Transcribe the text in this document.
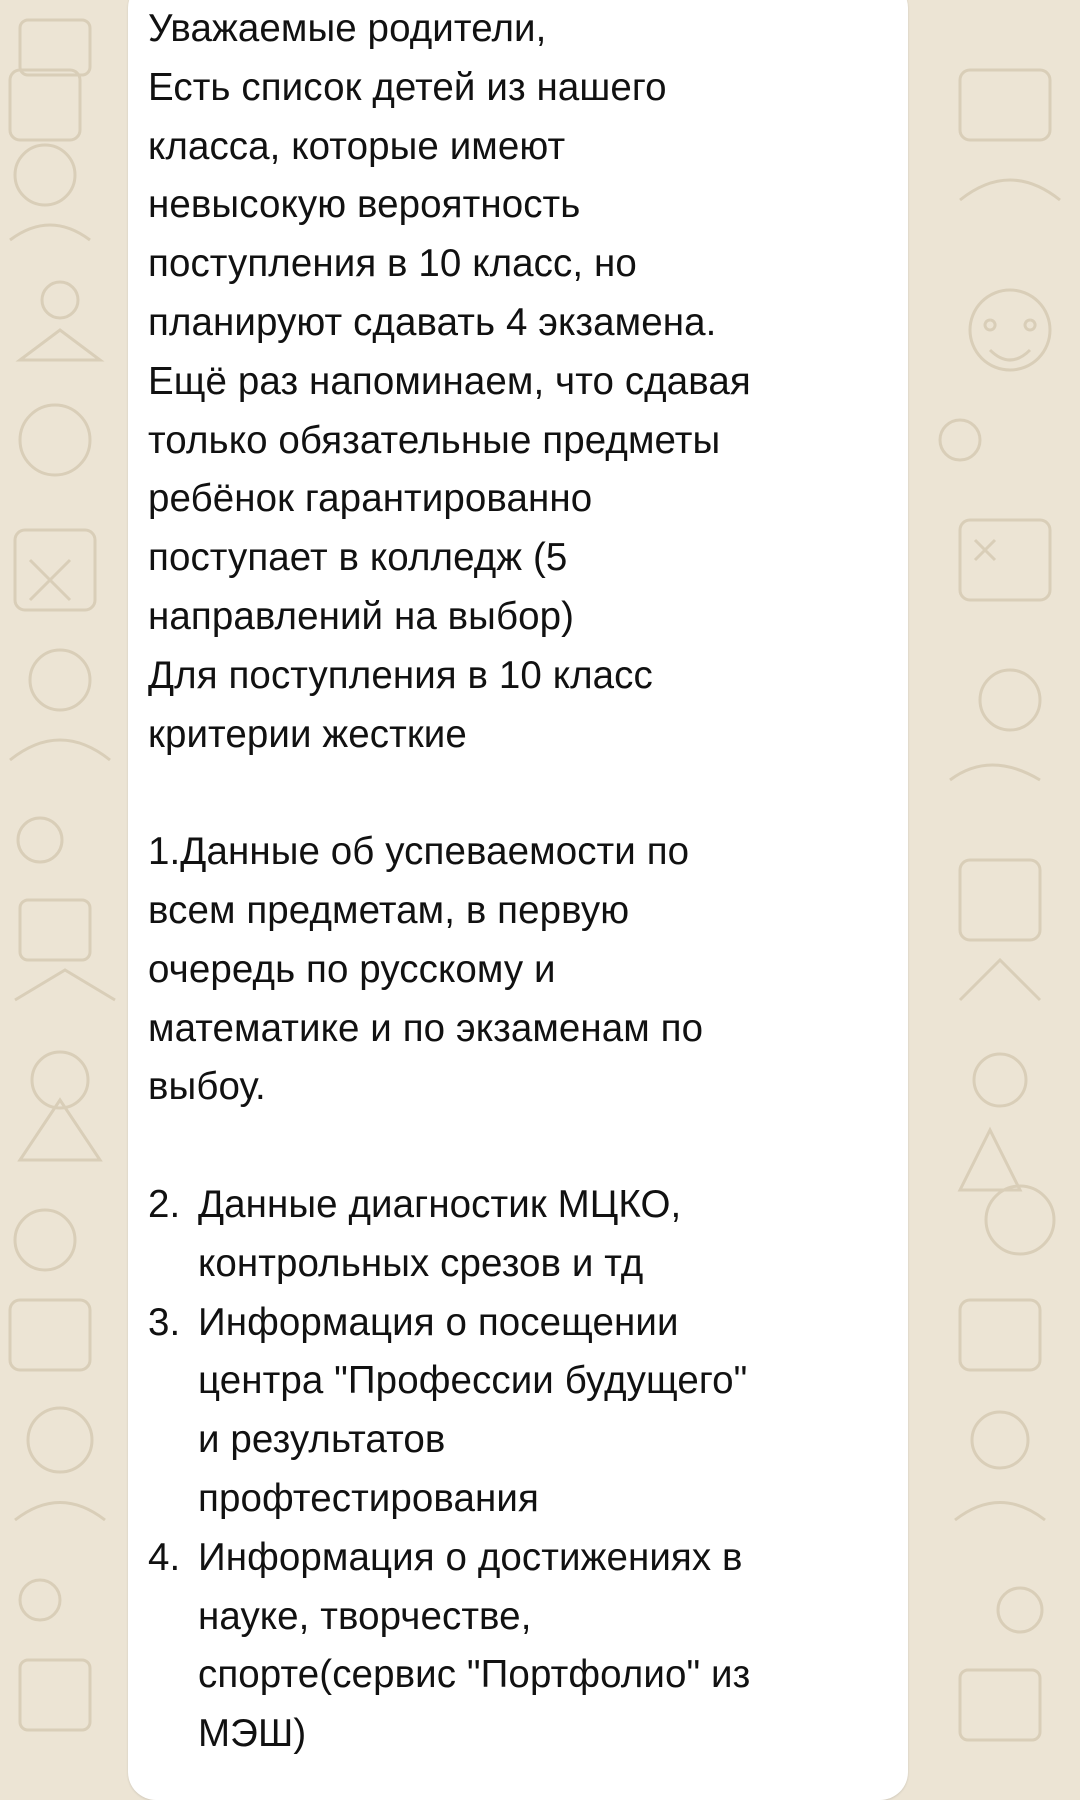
Уважаемые родители,
Есть список детей из нашего
класса, которые имеют
невысокую вероятность
поступления в 10 класс, но
планируют сдавать 4 экзамена.
Ещё раз напоминаем, что сдавая
только обязательные предметы
ребёнок гарантированно
поступает в колледж (5
направлений на выбор)
Для поступления в 10 класс
критерии жесткие
1.Данные об успеваемости по
всем предметам, в первую
очередь по русскому и
математике и по экзаменам по
выбоу.
2. Данные диагностик МЦКО,
контрольных срезов и тд
3. Информация о посещении
центра "Профессии будущего"
и результатов
профтестирования
4. Информация о достижениях в
науке, творчестве,
спорте(сервис "Портфолио" из
МЭШ)
